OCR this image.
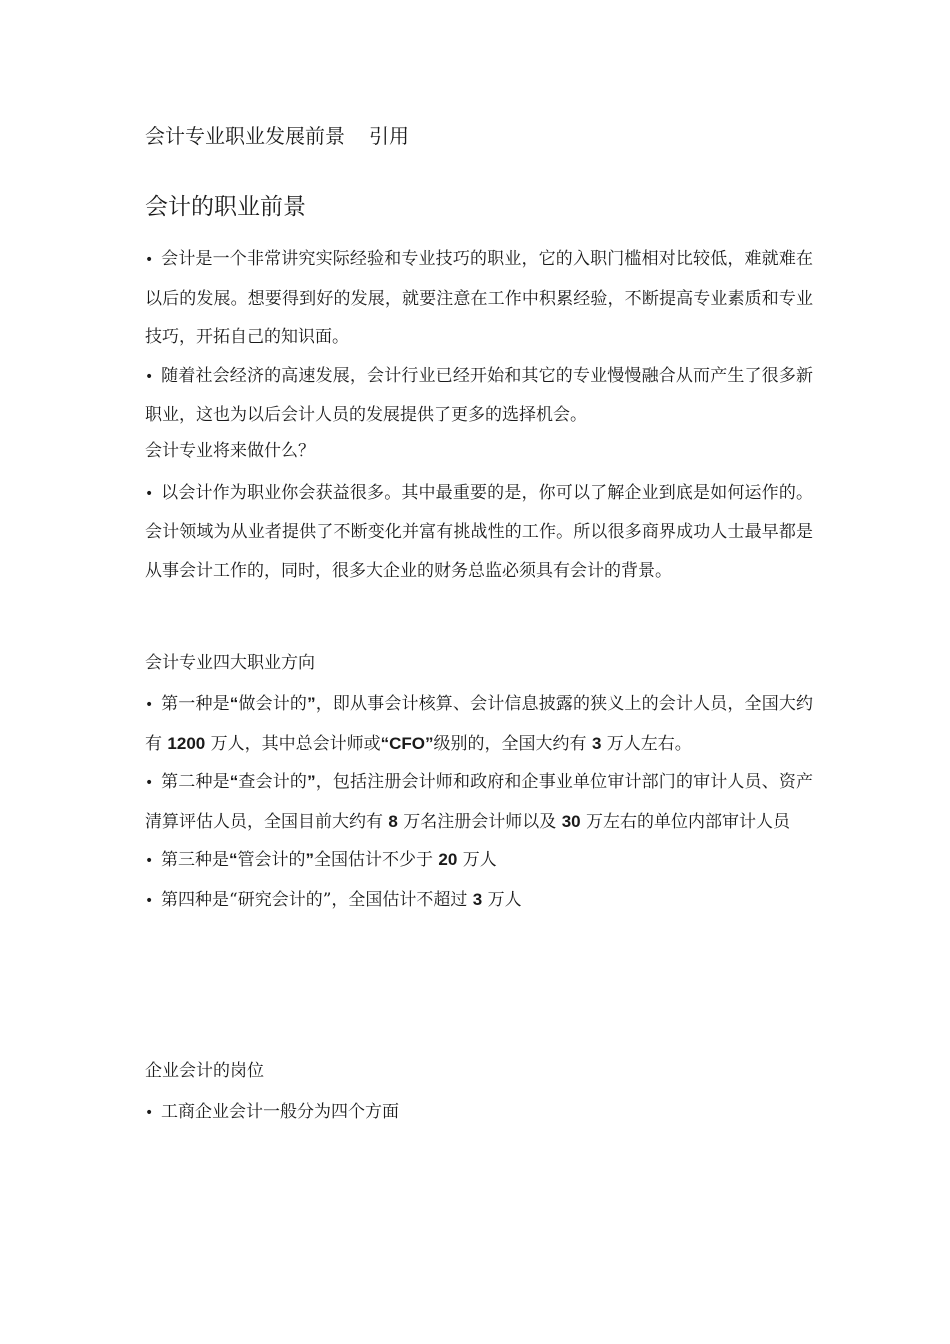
会计专业职业发展前景 引用
会计的职业前景
• 会计是一个非常讲究实际经验和专业技巧的职业，它的入职门槛相对比较低，难就难在以后的发展。想要得到好的发展，就要注意在工作中积累经验，不断提高专业素质和专业技巧，开拓自己的知识面。
• 随着社会经济的高速发展，会计行业已经开始和其它的专业慢慢融合从而产生了很多新职业，这也为以后会计人员的发展提供了更多的选择机会。
会计专业将来做什么？
• 以会计作为职业你会获益很多。其中最重要的是，你可以了解企业到底是如何运作的。会计领域为从业者提供了不断变化并富有挑战性的工作。所以很多商界成功人士最早都是从事会计工作的，同时，很多大企业的财务总监必须具有会计的背景。
会计专业四大职业方向
• 第一种是“做会计的”，即从事会计核算、会计信息披露的狭义上的会计人员，全国大约有 1200 万人，其中总会计师或“CFO”级别的，全国大约有 3 万人左右。
• 第二种是“查会计的”，包括注册会计师和政府和企事业单位审计部门的审计人员、资产清算评估人员，全国目前大约有 8 万名注册会计师以及 30 万左右的单位内部审计人员
• 第三种是“管会计的”全国估计不少于 20 万人
• 第四种是“研究会计的”，全国估计不超过 3 万人
企业会计的岗位
• 工商企业会计一般分为四个方面
